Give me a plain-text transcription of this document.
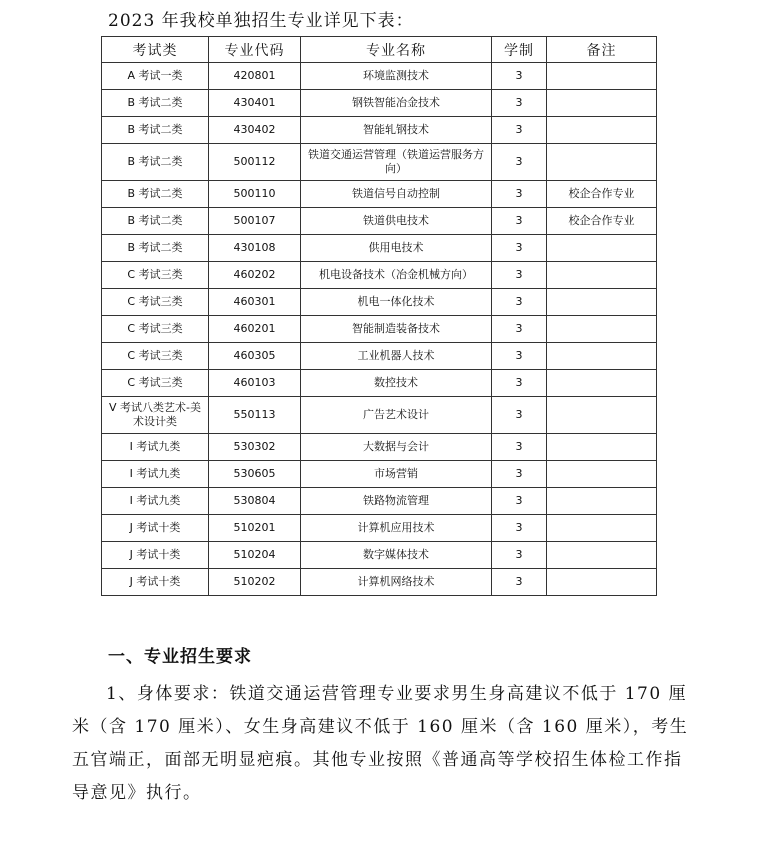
2023 年我校单独招生专业详见下表：
考试类	专业代码	专业名称	学制	备注
A 考试一类	420801	环境监测技术	3	
B 考试二类	430401	钢铁智能冶金技术	3	
B 考试二类	430402	智能轧钢技术	3	
B 考试二类	500112	铁道交通运营管理（铁道运营服务方向）	3	
B 考试二类	500110	铁道信号自动控制	3	校企合作专业
B 考试二类	500107	铁道供电技术	3	校企合作专业
B 考试二类	430108	供用电技术	3	
C 考试三类	460202	机电设备技术（冶金机械方向）	3	
C 考试三类	460301	机电一体化技术	3	
C 考试三类	460201	智能制造装备技术	3	
C 考试三类	460305	工业机器人技术	3	
C 考试三类	460103	数控技术	3	
V 考试八类艺术-美术设计类	550113	广告艺术设计	3	
I 考试九类	530302	大数据与会计	3	
I 考试九类	530605	市场营销	3	
I 考试九类	530804	铁路物流管理	3	
J 考试十类	510201	计算机应用技术	3	
J 考试十类	510204	数字媒体技术	3	
J 考试十类	510202	计算机网络技术	3	
一、专业招生要求
1、身体要求：铁道交通运营管理专业要求男生身高建议不低于 170 厘米（含 170 厘米）、女生身高建议不低于 160 厘米（含 160 厘米），考生五官端正，面部无明显疤痕。其他专业按照《普通高等学校招生体检工作指导意见》执行。
